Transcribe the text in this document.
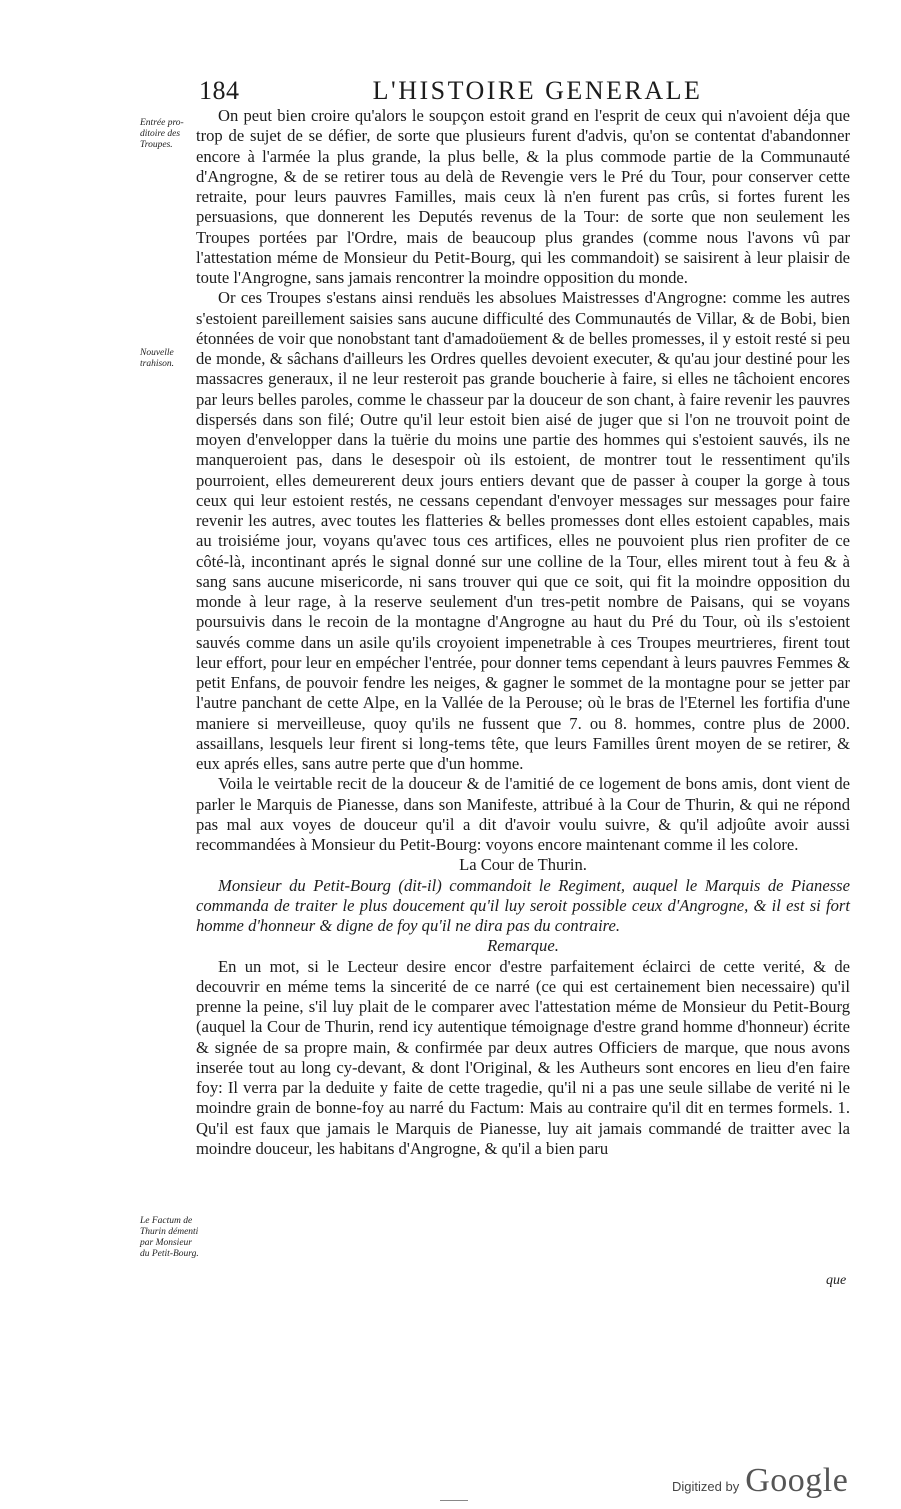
184	L'HISTOIRE GENERALE
Entrée pro-ditoire des Troupes.
Nouvelle trahison.
Le Factum de Thurin démenti par Monsieur du Petit-Bourg.

On peut bien croire qu'alors le soupçon estoit grand en l'esprit de ceux qui n'avoient déja que trop de sujet de se défier, de sorte que plusieurs furent d'advis, qu'on se contentat d'abandonner encore à l'armée la plus grande, la plus belle, & la plus commode partie de la Communauté d'Angrogne, & de se retirer tous au delà de Revengie vers le Pré du Tour, pour conserver cette retraite, pour leurs pauvres Familles, mais ceux là n'en furent pas crûs, si fortes furent les persuasions, que donnerent les Deputés revenus de la Tour: de sorte que non seulement les Troupes portées par l'Ordre, mais de beaucoup plus grandes (comme nous l'avons vû par l'attestation méme de Monsieur du Petit-Bourg, qui les commandoit) se saisirent à leur plaisir de toute l'Angrogne, sans jamais rencontrer la moindre opposition du monde.

Or ces Troupes s'estans ainsi renduës les absolues Maistresses d'Angrogne: comme les autres s'estoient pareillement saisies sans aucune difficulté des Communautés de Villar, & de Bobi, bien étonnées de voir que nonobstant tant d'amadoüement & de belles promesses, il y estoit resté si peu de monde, & sâchans d'ailleurs les Ordres quelles devoient executer, & qu'au jour destiné pour les massacres generaux, il ne leur resteroit pas grande boucherie à faire, si elles ne tâchoient encores par leurs belles paroles, comme le chasseur par la douceur de son chant, à faire revenir les pauvres dispersés dans son filé; Outre qu'il leur estoit bien aisé de juger que si l'on ne trouvoit point de moyen d'envelopper dans la tuërie du moins une partie des hommes qui s'estoient sauvés, ils ne manqueroient pas, dans le desespoir où ils estoient, de montrer tout le ressentiment qu'ils pourroient, elles demeurerent deux jours entiers devant que de passer à couper la gorge à tous ceux qui leur estoient restés, ne cessans cependant d'envoyer messages sur messages pour faire revenir les autres, avec toutes les flatteries & belles promesses dont elles estoient capables, mais au troisiéme jour, voyans qu'avec tous ces artifices, elles ne pouvoient plus rien profiter de ce côté-là, incontinant aprés le signal donné sur une colline de la Tour, elles mirent tout à feu & à sang sans aucune misericorde, ni sans trouver qui que ce soit, qui fit la moindre opposition du monde à leur rage, à la reserve seulement d'un tres-petit nombre de Paisans, qui se voyans poursuivis dans le recoin de la montagne d'Angrogne au haut du Pré du Tour, où ils s'estoient sauvés comme dans un asile qu'ils croyoient impenetrable à ces Troupes meurtrieres, firent tout leur effort, pour leur en empécher l'entrée, pour donner tems cependant à leurs pauvres Femmes & petit Enfans, de pouvoir fendre les neiges, & gagner le sommet de la montagne pour se jetter par l'autre panchant de cette Alpe, en la Vallée de la Perouse; où le bras de l'Eternel les fortifia d'une maniere si merveilleuse, quoy qu'ils ne fussent que 7. ou 8. hommes, contre plus de 2000. assaillans, lesquels leur firent si long-tems tête, que leurs Familles ûrent moyen de se retirer, & eux aprés elles, sans autre perte que d'un homme.

Voila le veirtable recit de la douceur & de l'amitié de ce logement de bons amis, dont vient de parler le Marquis de Pianesse, dans son Manifeste, attribué à la Cour de Thurin, & qui ne répond pas mal aux voyes de douceur qu'il a dit d'avoir voulu suivre, & qu'il adjoûte avoir aussi recommandées à Monsieur du Petit-Bourg: voyons encore maintenant comme il les colore.

La Cour de Thurin.

Monsieur du Petit-Bourg (dit-il) commandoit le Regiment, auquel le Marquis de Pianesse commanda de traiter le plus doucement qu'il luy seroit possible ceux d'Angrogne, & il est si fort homme d'honneur & digne de foy qu'il ne dira pas du contraire.

Remarque.

En un mot, si le Lecteur desire encor d'estre parfaitement éclairci de cette verité, & de decouvrir en méme tems la sincerité de ce narré (ce qui est certainement bien necessaire) qu'il prenne la peine, s'il luy plait de le comparer avec l'attestation méme de Monsieur du Petit-Bourg (auquel la Cour de Thurin, rend icy autentique témoignage d'estre grand homme d'honneur) écrite & signée de sa propre main, & confirmée par deux autres Officiers de marque, que nous avons inserée tout au long cy-devant, & dont l'Original, & les Autheurs sont encores en lieu d'en faire foy: Il verra par la deduite y faite de cette tragedie, qu'il ni a pas une seule sillabe de verité ni le moindre grain de bonne-foy au narré du Factum: Mais au contraire qu'il dit en termes formels. 1. Qu'il est faux que jamais le Marquis de Pianesse, luy ait jamais commandé de traitter avec la moindre douceur, les habitans d'Angrogne, & qu'il a bien paru

que
Digitized by Google
